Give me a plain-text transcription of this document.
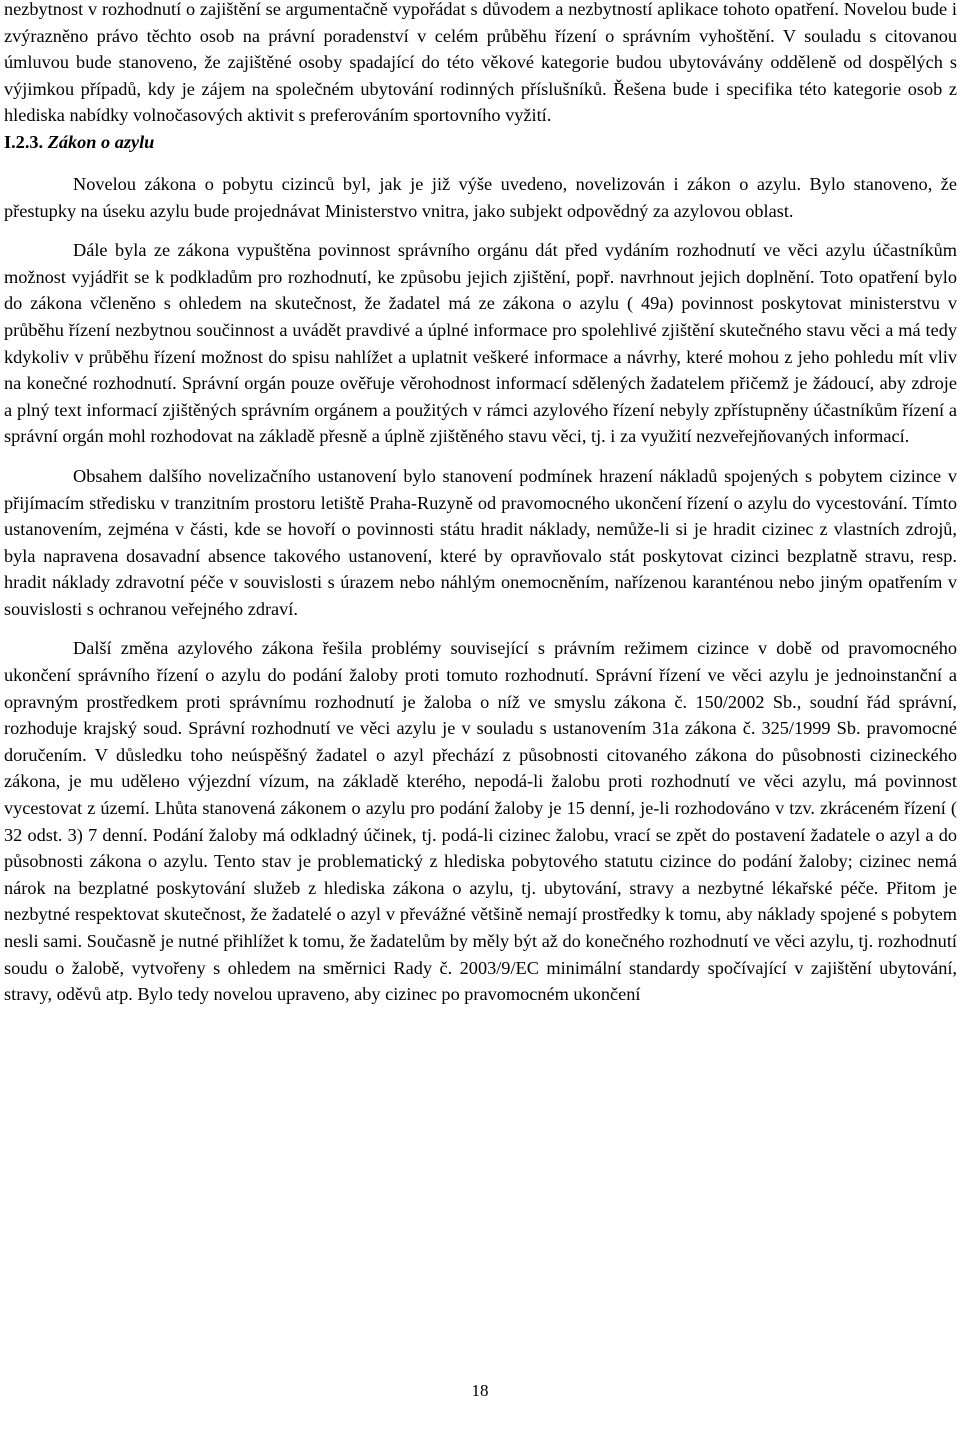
nezbytnost v rozhodnutí o zajištění se argumentačně vypořádat s důvodem a nezbytností aplikace tohoto opatření. Novelou bude i zvýrazněno právo těchto osob na právní poradenství v celém průběhu řízení o správním vyhoštění. V souladu s citovanou úmluvou bude stanoveno, že zajištěné osoby spadající do této věkové kategorie budou ubytovávány odděleně od dospělých s výjimkou případů, kdy je zájem na společném ubytování rodinných příslušníků. Řešena bude i specifika této kategorie osob z hlediska nabídky volnočasových aktivit s preferováním sportovního vyžití.

I.2.3. Zákon o azylu

Novelou zákona o pobytu cizinců byl, jak je již výše uvedeno, novelizován i zákon o azylu. Bylo stanoveno, že přestupky na úseku azylu bude projednávat Ministerstvo vnitra, jako subjekt odpovědný za azylovou oblast.

Dále byla ze zákona vypuštěna povinnost správního orgánu dát před vydáním rozhodnutí ve věci azylu účastníkům možnost vyjádřit se k podkladům pro rozhodnutí, ke způsobu jejich zjištění, popř. navrhnout jejich doplnění. Toto opatření bylo do zákona včleněno s ohledem na skutečnost, že žadatel má ze zákona o azylu ( 49a) povinnost poskytovat ministerstvu v průběhu řízení nezbytnou součinnost a uvádět pravdivé a úplné informace pro spolehlivé zjištění skutečného stavu věci a má tedy kdykoliv v průběhu řízení možnost do spisu nahlížet a uplatnit veškeré informace a návrhy, které mohou z jeho pohledu mít vliv na konečné rozhodnutí. Správní orgán pouze ověřuje věrohodnost informací sdělených žadatelem přičemž je žádoucí, aby zdroje a plný text informací zjištěných správním orgánem a použitých v rámci azylového řízení nebyly zpřístupněny účastníkům řízení a správní orgán mohl rozhodovat na základě přesně a úplně zjištěného stavu věci, tj. i za využití nezveřejňovaných informací.

Obsahem dalšího novelizačního ustanovení bylo stanovení podmínek hrazení nákladů spojených s pobytem cizince v přijímacím středisku v tranzitním prostoru letiště Praha-Ruzyně od pravomocného ukončení řízení o azylu do vycestování. Tímto ustanovením, zejména v části, kde se hovoří o povinnosti státu hradit náklady, nemůže-li si je hradit cizinec z vlastních zdrojů, byla napravena dosavadní absence takového ustanovení, které by opravňovalo stát poskytovat cizinci bezplatně stravu, resp. hradit náklady zdravotní péče v souvislosti s úrazem nebo náhlým onemocněním, nařízenou karanténou nebo jiným opatřením v souvislosti s ochranou veřejného zdraví.

Další změna azylového zákona řešila problémy související s právním režimem cizince v době od pravomocného ukončení správního řízení o azylu do podání žaloby proti tomuto rozhodnutí. Správní řízení ve věci azylu je jednoinstanční a opravným prostředkem proti správnímu rozhodnutí je žaloba o níž ve smyslu zákona č. 150/2002 Sb., soudní řád správní, rozhoduje krajský soud. Správní rozhodnutí ve věci azylu je v souladu s ustanovením 31a zákona č. 325/1999 Sb. pravomocné doručením. V důsledku toho neúspěšný žadatel o azyl přechází z působnosti citovaného zákona do působnosti cizineckého zákona, je mu udělено výjezdní vízum, na základě kterého, nepodá-li žalobu proti rozhodnutí ve věci azylu, má povinnost vycestovat z území. Lhůta stanovená zákonem o azylu pro podání žaloby je 15 denní, je-li rozhodováno v tzv. zkráceném řízení ( 32 odst. 3) 7 denní. Podání žaloby má odkladný účinek, tj. podá-li cizinec žalobu, vrací se zpět do postavení žadatele o azyl a do působnosti zákona o azylu. Tento stav je problematický z hlediska pobytového statutu cizince do podání žaloby; cizinec nemá nárok na bezplatné poskytování služeb z hlediska zákona o azylu, tj. ubytování, stravy a nezbytné lékařské péče. Přitom je nezbytné respektovat skutečnost, že žadatelé o azyl v převážné většině nemají prostředky k tomu, aby náklady spojené s pobytem nesli sami. Současně je nutné přihlížet k tomu, že žadatelům by měly být až do konečného rozhodnutí ve věci azylu, tj. rozhodnutí soudu o žalobě, vytvořeny s ohledem na směrnici Rady č. 2003/9/EC minimální standardy spočívající v zajištění ubytování, stravy, oděvů atp. Bylo tedy novelou upraveno, aby cizinec po pravomocném ukončení

18
